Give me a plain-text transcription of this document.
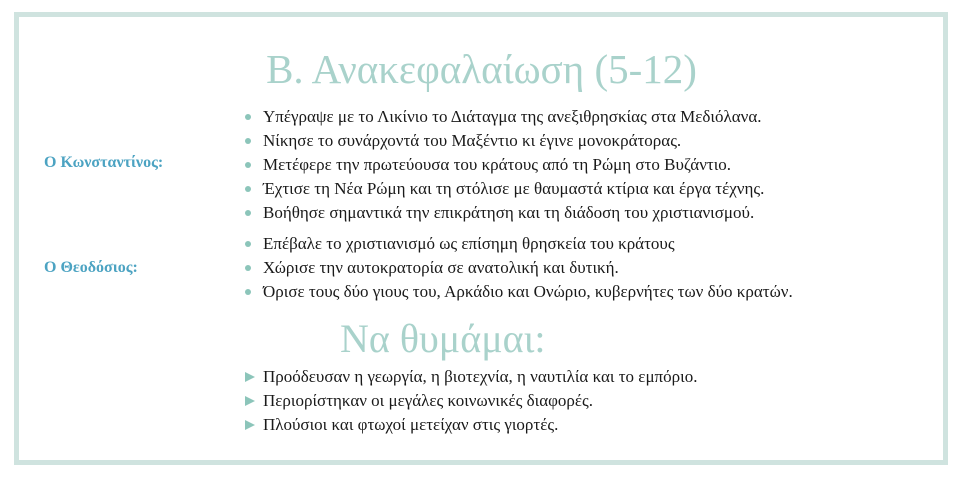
Β. Ανακεφαλαίωση (5-12)
Ο Κωνσταντίνος:
Υπέγραψε με το Λικίνιο το Διάταγμα της ανεξιθρησκίας στα Μεδιόλανα.
Νίκησε το συνάρχοντά του Μαξέντιο κι έγινε μονοκράτορας.
Μετέφερε την πρωτεύουσα του κράτους από τη Ρώμη στο Βυζάντιο.
Έχτισε τη Νέα Ρώμη και τη στόλισε με θαυμαστά κτίρια και έργα τέχνης.
Βοήθησε σημαντικά την επικράτηση και τη διάδοση του χριστιανισμού.
Ο Θεοδόσιος:
Επέβαλε το χριστιανισμό ως επίσημη θρησκεία του κράτους
Χώρισε την αυτοκρατορία σε ανατολική και δυτική.
Όρισε τους δύο γιους του, Αρκάδιο και Ονώριο, κυβερνήτες των δύο κρατών.
Να θυμάμαι:
Προόδευσαν η γεωργία, η βιοτεχνία, η ναυτιλία και το εμπόριο.
Περιορίστηκαν οι μεγάλες κοινωνικές διαφορές.
Πλούσιοι και φτωχοί μετείχαν στις γιορτές.
